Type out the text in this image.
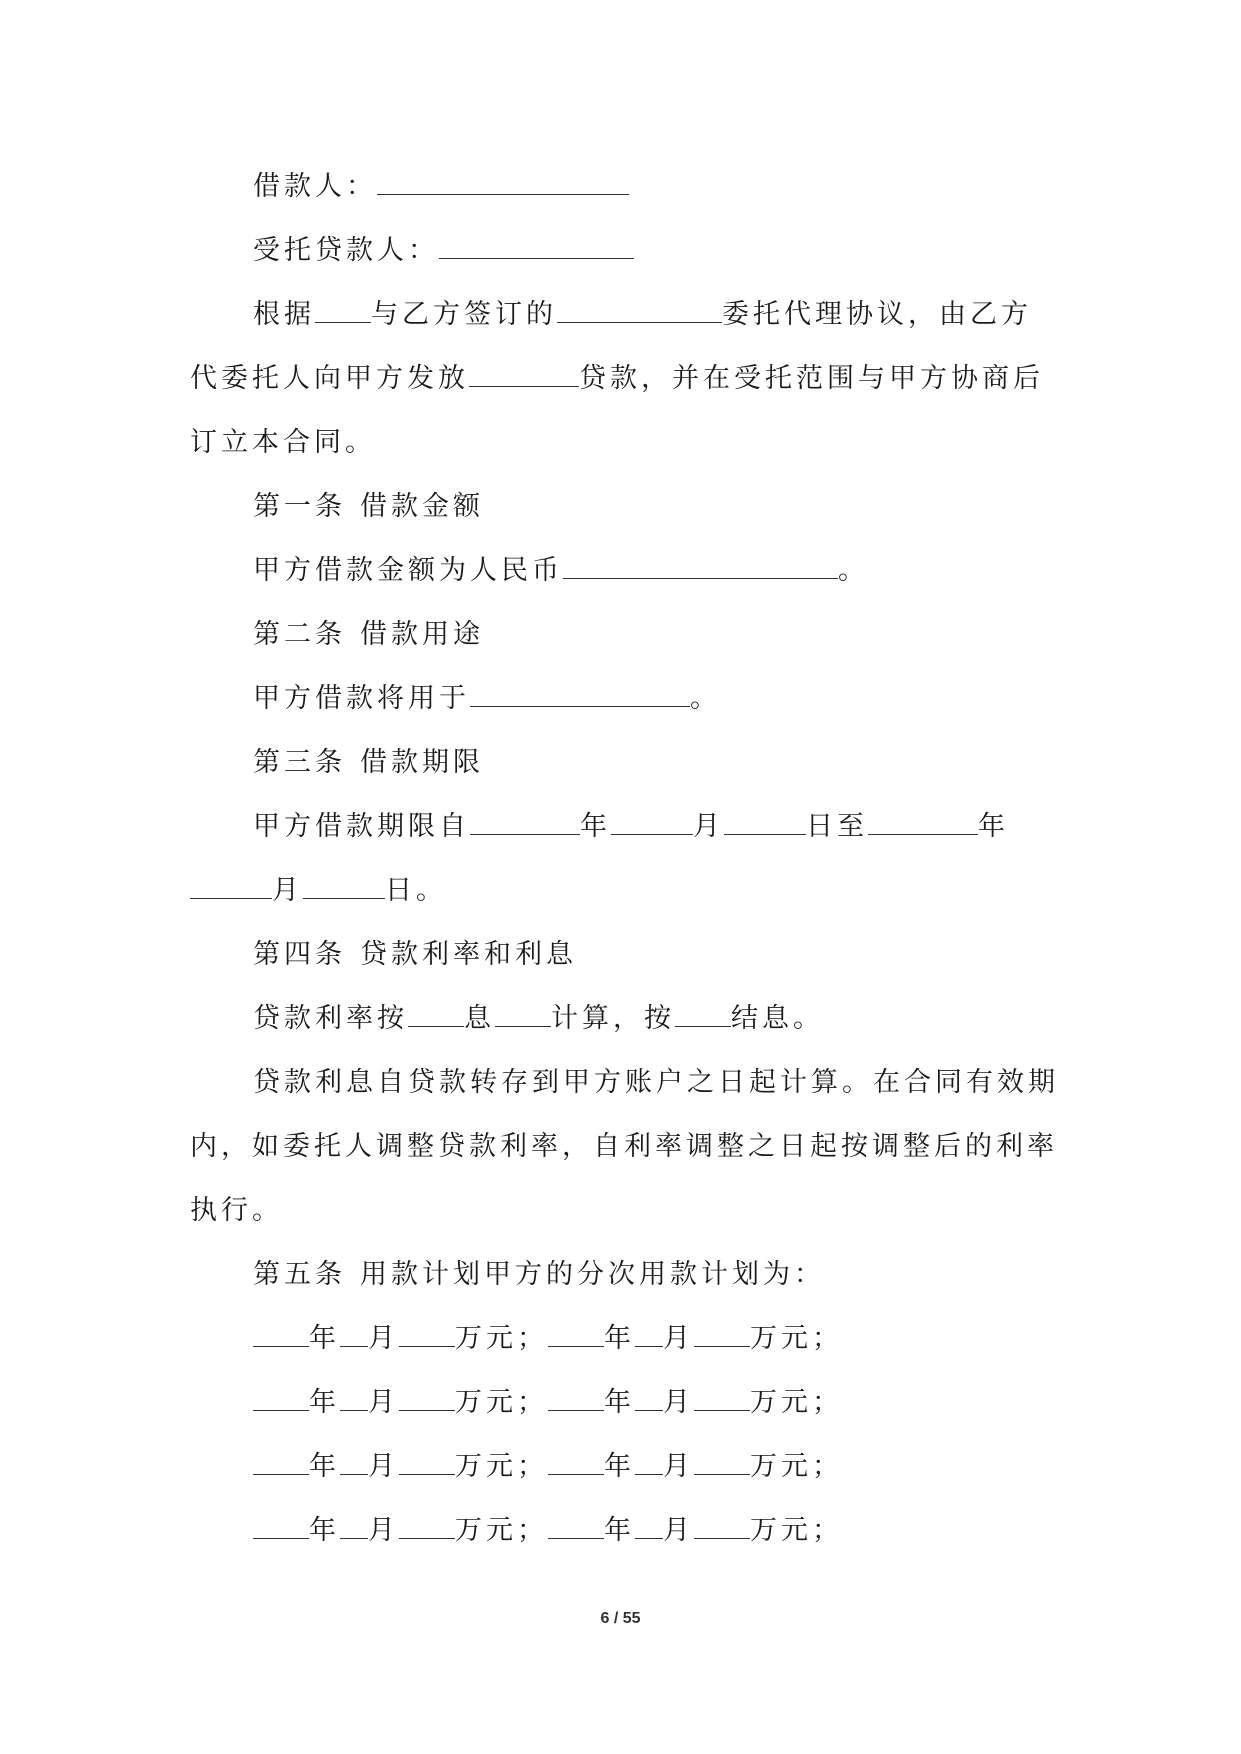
借款人：
受托贷款人：
根据 与乙方签订的	委托代理协议，由乙方
代委托人向甲方发放	贷款，并在受托范围与甲方协商后
订立本合同。
第一条 借款金额
甲方借款金额为人民币	。
第二条 借款用途
甲方借款将用于	。
第三条 借款期限
甲方借款期限自	年	月	日至	年
月	日。
第四条 贷款利率和利息
贷款利率按 息 计算，按 结息。
贷款利息自贷款转存到甲方账户之日起计算。在合同有效期
内，如委托人调整贷款利率，自利率调整之日起按调整后的利率
执行。
第五条 用款计划甲方的分次用款计划为：
年 月 万元； 年 月 万元；
年 月 万元； 年 月 万元；
年 月 万元； 年 月 万元；
年 月 万元； 年 月 万元；
6 / 55
